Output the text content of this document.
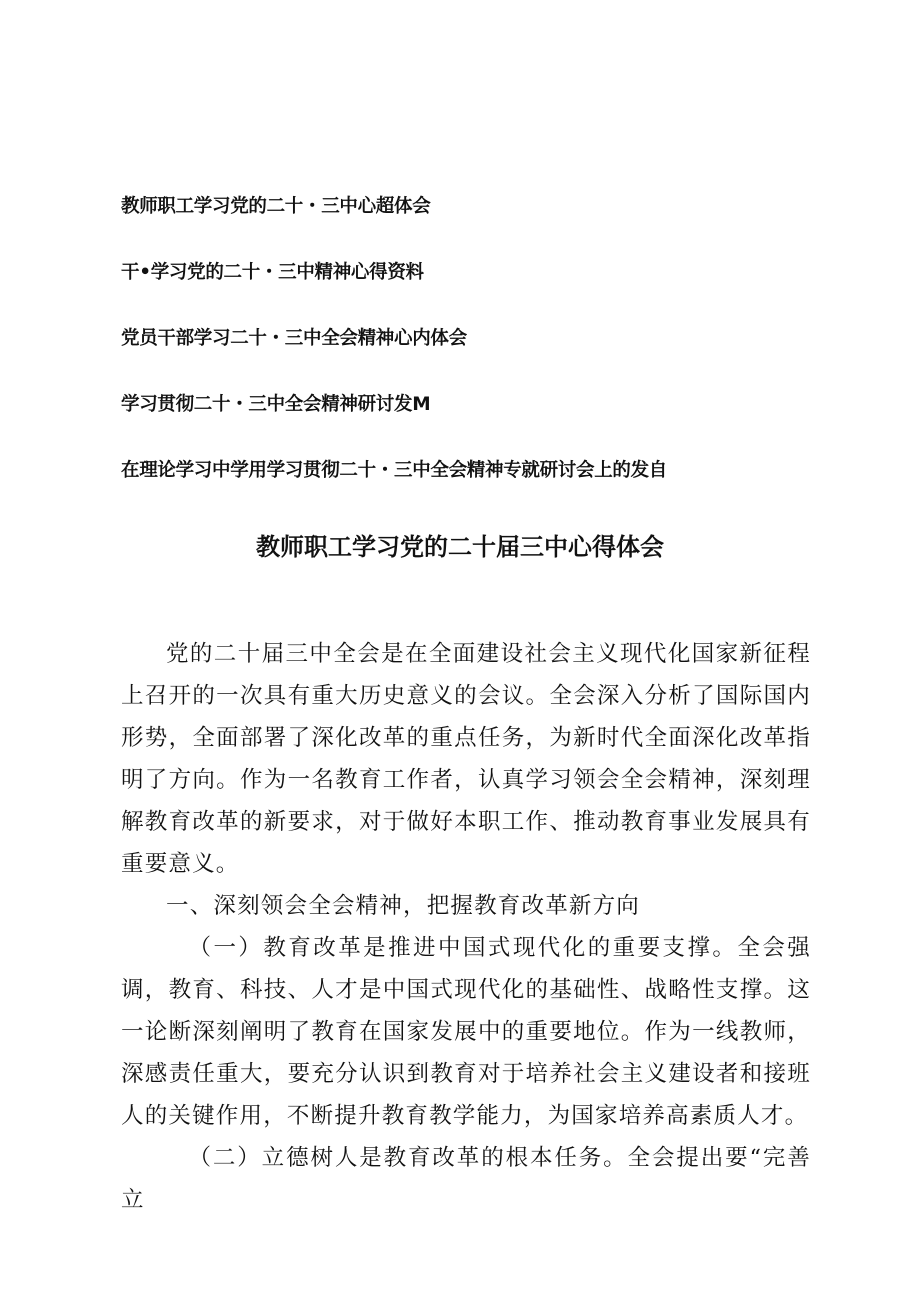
教师职工学习党的二十・三中心超体会
干•学习党的二十・三中精神心得资料
党员干部学习二十・三中全会精神心内体会
学习贯彻二十・三中全会精神研讨发M
在理论学习中学用学习贯彻二十・三中全会精神专就研讨会上的发自
教师职工学习党的二十届三中心得体会

党的二十届三中全会是在全面建设社会主义现代化国家新征程上召开的一次具有重大历史意义的会议。全会深入分析了国际国内形势，全面部署了深化改革的重点任务，为新时代全面深化改革指明了方向。作为一名教育工作者，认真学习领会全会精神，深刻理解教育改革的新要求，对于做好本职工作、推动教育事业发展具有重要意义。

一、深刻领会全会精神，把握教育改革新方向

（一）教育改革是推进中国式现代化的重要支撑。全会强调，教育、科技、人才是中国式现代化的基础性、战略性支撑。这一论断深刻阐明了教育在国家发展中的重要地位。作为一线教师，深感责任重大，要充分认识到教育对于培养社会主义建设者和接班人的关键作用，不断提升教育教学能力，为国家培养高素质人才。

（二）立德树人是教育改革的根本任务。全会提出要“完善立
